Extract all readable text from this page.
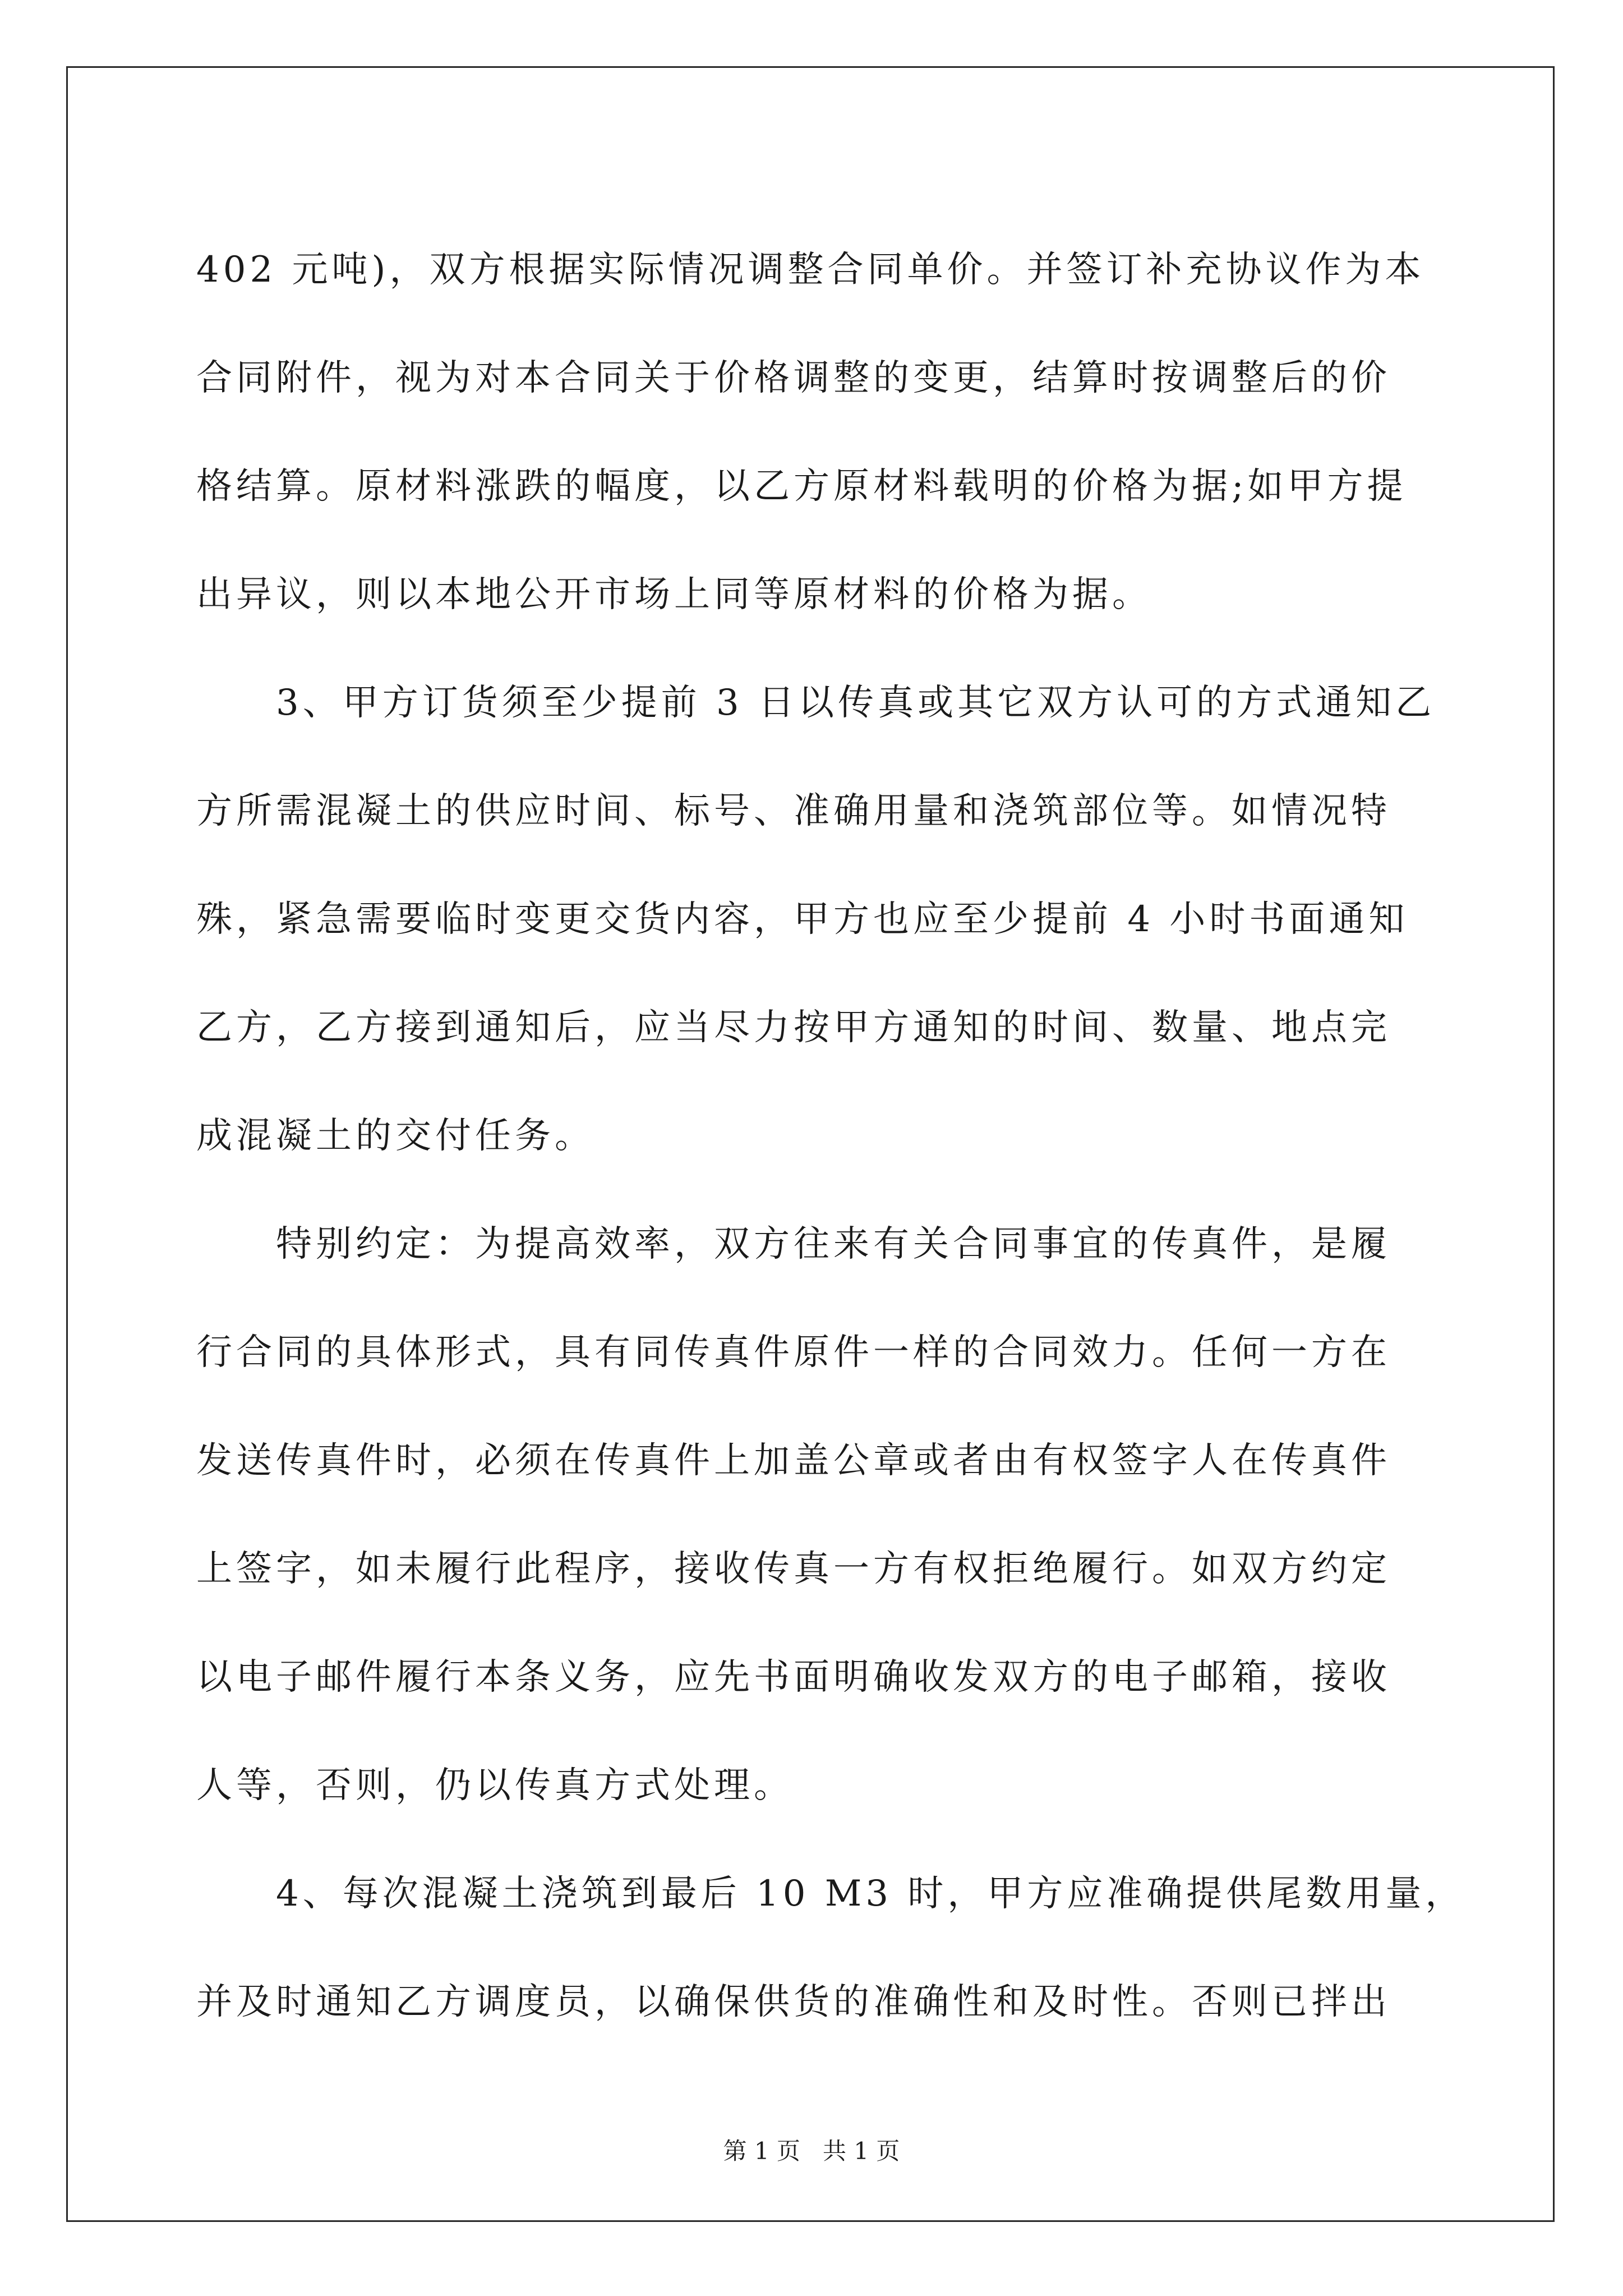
402 元吨)，双方根据实际情况调整合同单价。并签订补充协议作为本
合同附件，视为对本合同关于价格调整的变更，结算时按调整后的价
格结算。原材料涨跌的幅度，以乙方原材料载明的价格为据;如甲方提
出异议，则以本地公开市场上同等原材料的价格为据。
　　3、甲方订货须至少提前 3 日以传真或其它双方认可的方式通知乙
方所需混凝土的供应时间、标号、准确用量和浇筑部位等。如情况特
殊，紧急需要临时变更交货内容，甲方也应至少提前 4 小时书面通知
乙方，乙方接到通知后，应当尽力按甲方通知的时间、数量、地点完
成混凝土的交付任务。
　　特别约定：为提高效率，双方往来有关合同事宜的传真件，是履
行合同的具体形式，具有同传真件原件一样的合同效力。任何一方在
发送传真件时，必须在传真件上加盖公章或者由有权签字人在传真件
上签字，如未履行此程序，接收传真一方有权拒绝履行。如双方约定
以电子邮件履行本条义务，应先书面明确收发双方的电子邮箱，接收
人等，否则，仍以传真方式处理。
　　4、每次混凝土浇筑到最后 10 M3 时，甲方应准确提供尾数用量，
并及时通知乙方调度员，以确保供货的准确性和及时性。否则已拌出
第 1 页 共 1 页
